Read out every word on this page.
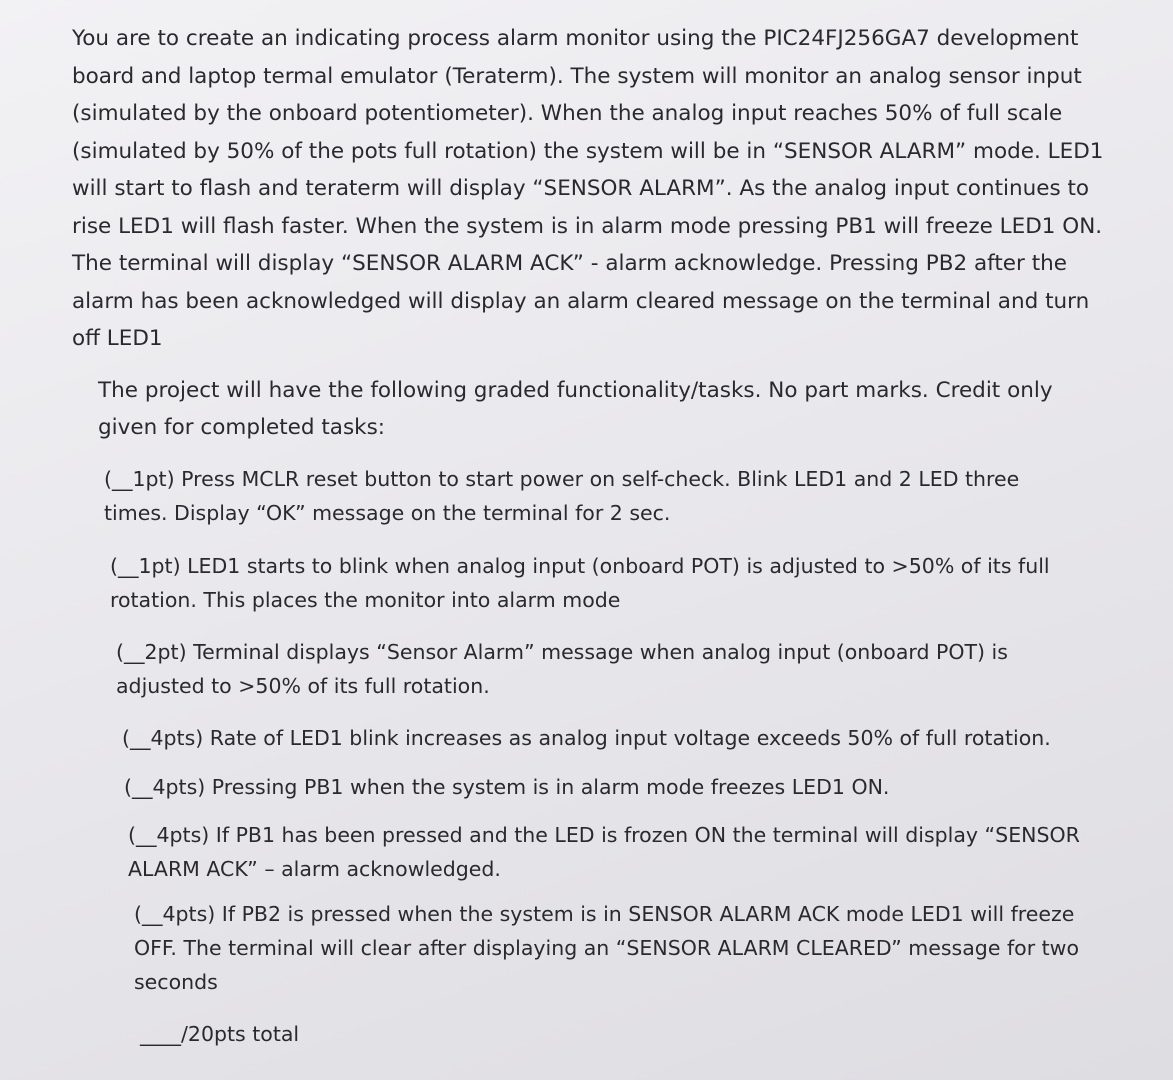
You are to create an indicating process alarm monitor using the PIC24FJ256GA7 development board and laptop termal emulator (Teraterm). The system will monitor an analog sensor input (simulated by the onboard potentiometer). When the analog input reaches 50% of full scale (simulated by 50% of the pots full rotation) the system will be in “SENSOR ALARM” mode. LED1 will start to flash and teraterm will display “SENSOR ALARM”. As the analog input continues to rise LED1 will flash faster. When the system is in alarm mode pressing PB1 will freeze LED1 ON. The terminal will display “SENSOR ALARM ACK” - alarm acknowledge. Pressing PB2 after the alarm has been acknowledged will display an alarm cleared message on the terminal and turn off LED1

The project will have the following graded functionality/tasks. No part marks. Credit only given for completed tasks:

(__1pt) Press MCLR reset button to start power on self-check. Blink LED1 and 2 LED three times. Display “OK” message on the terminal for 2 sec.

(__1pt) LED1 starts to blink when analog input (onboard POT) is adjusted to >50% of its full rotation. This places the monitor into alarm mode

(__2pt) Terminal displays “Sensor Alarm” message when analog input (onboard POT) is adjusted to >50% of its full rotation.

(__4pts) Rate of LED1 blink increases as analog input voltage exceeds 50% of full rotation.

(__4pts) Pressing PB1 when the system is in alarm mode freezes LED1 ON.

(__4pts) If PB1 has been pressed and the LED is frozen ON the terminal will display “SENSOR ALARM ACK” – alarm acknowledged.

(__4pts) If PB2 is pressed when the system is in SENSOR ALARM ACK mode LED1 will freeze OFF. The terminal will clear after displaying an “SENSOR ALARM CLEARED” message for two seconds

____/20pts total
